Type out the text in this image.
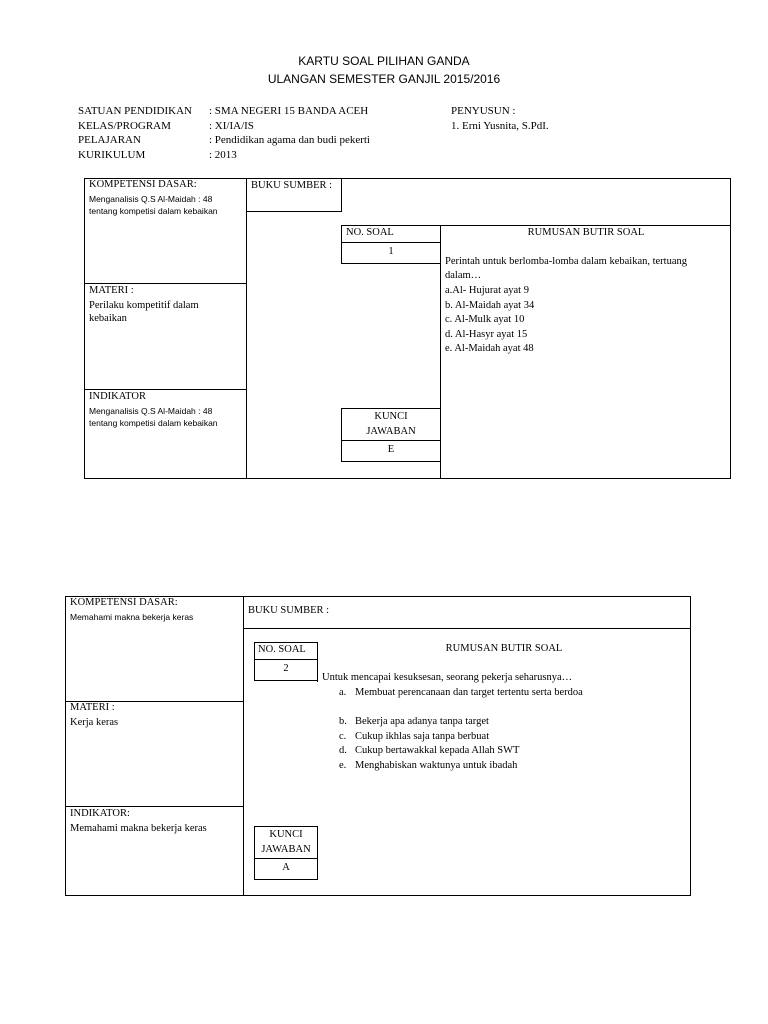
KARTU SOAL PILIHAN GANDA
ULANGAN SEMESTER GANJIL 2015/2016
SATUAN PENDIDIKAN
KELAS/PROGRAM
PELAJARAN
KURIKULUM
: SMA NEGERI 15 BANDA ACEH
: XI/IA/IS
: Pendidikan agama dan budi pekerti
: 2013
PENYUSUN :
1. Erni Yusnita, S.PdI.
KOMPETENSI DASAR:
Menganalisis Q.S Al-Maidah : 48 tentang kompetisi dalam kebaikan
MATERI :
Perilaku kompetitif dalam kebaikan
INDIKATOR
Menganalisis Q.S Al-Maidah : 48 tentang kompetisi dalam kebaikan
BUKU SUMBER :
NO. SOAL
1
RUMUSAN BUTIR SOAL
Perintah untuk berlomba-lomba dalam kebaikan, tertuang dalam…
a.Al- Hujurat ayat 9
b. Al-Maidah ayat 34
c. Al-Mulk ayat 10
d. Al-Hasyr ayat 15
e. Al-Maidah ayat 48
KUNCI JAWABAN
E
KOMPETENSI DASAR:
Memahami makna bekerja keras
MATERI :
Kerja keras
INDIKATOR:
Memahami makna bekerja keras
BUKU SUMBER :
NO. SOAL
2
RUMUSAN BUTIR SOAL
Untuk mencapai kesuksesan, seorang pekerja seharusnya…
a. Membuat perencanaan dan target tertentu serta berdoa
b. Bekerja apa adanya tanpa target
c. Cukup ikhlas saja tanpa berbuat
d. Cukup bertawakkal kepada Allah SWT
e. Menghabiskan waktunya untuk ibadah
KUNCI JAWABAN
A
